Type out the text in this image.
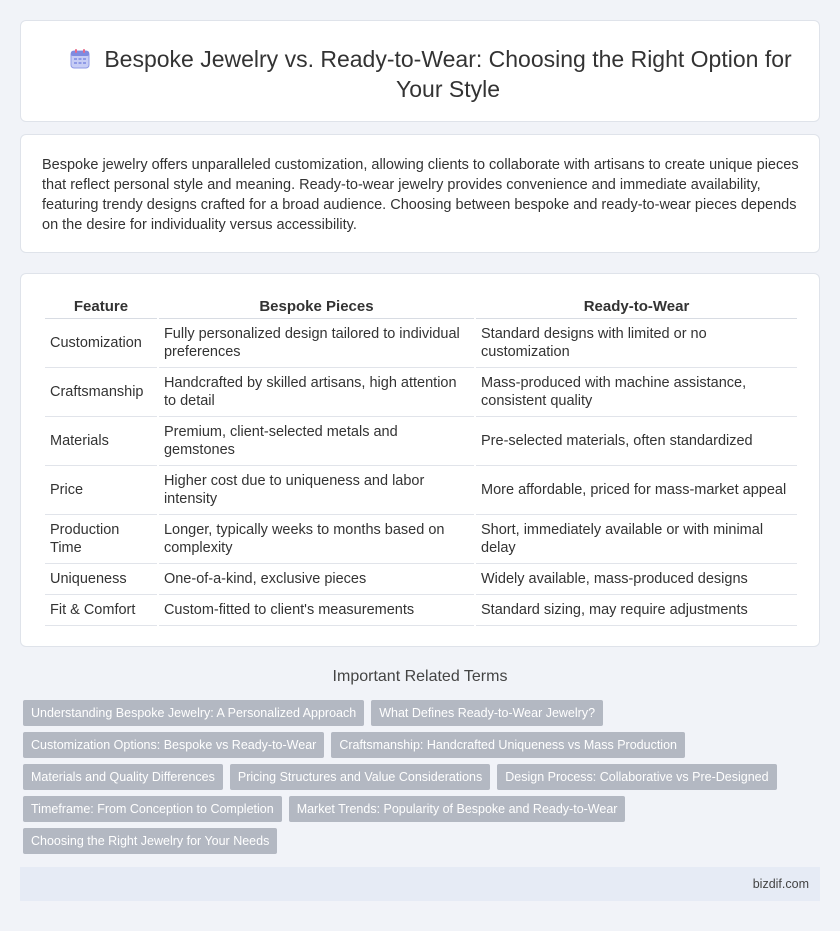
Bespoke Jewelry vs. Ready-to-Wear: Choosing the Right Option for Your Style

Bespoke jewelry offers unparalleled customization, allowing clients to collaborate with artisans to create unique pieces that reflect personal style and meaning. Ready-to-wear jewelry provides convenience and immediate availability, featuring trendy designs crafted for a broad audience. Choosing between bespoke and ready-to-wear pieces depends on the desire for individuality versus accessibility.

Feature	Bespoke Pieces	Ready-to-Wear
Customization	Fully personalized design tailored to individual preferences	Standard designs with limited or no customization
Craftsmanship	Handcrafted by skilled artisans, high attention to detail	Mass-produced with machine assistance, consistent quality
Materials	Premium, client-selected metals and gemstones	Pre-selected materials, often standardized
Price	Higher cost due to uniqueness and labor intensity	More affordable, priced for mass-market appeal
Production Time	Longer, typically weeks to months based on complexity	Short, immediately available or with minimal delay
Uniqueness	One-of-a-kind, exclusive pieces	Widely available, mass-produced designs
Fit & Comfort	Custom-fitted to client's measurements	Standard sizing, may require adjustments
Important Related Terms
Understanding Bespoke Jewelry: A Personalized Approach	What Defines Ready-to-Wear Jewelry?
Customization Options: Bespoke vs Ready-to-Wear	Craftsmanship: Handcrafted Uniqueness vs Mass Production
Materials and Quality Differences	Pricing Structures and Value Considerations	Design Process: Collaborative vs Pre-Designed
Timeframe: From Conception to Completion	Market Trends: Popularity of Bespoke and Ready-to-Wear
Choosing the Right Jewelry for Your Needs
bizdif.com
